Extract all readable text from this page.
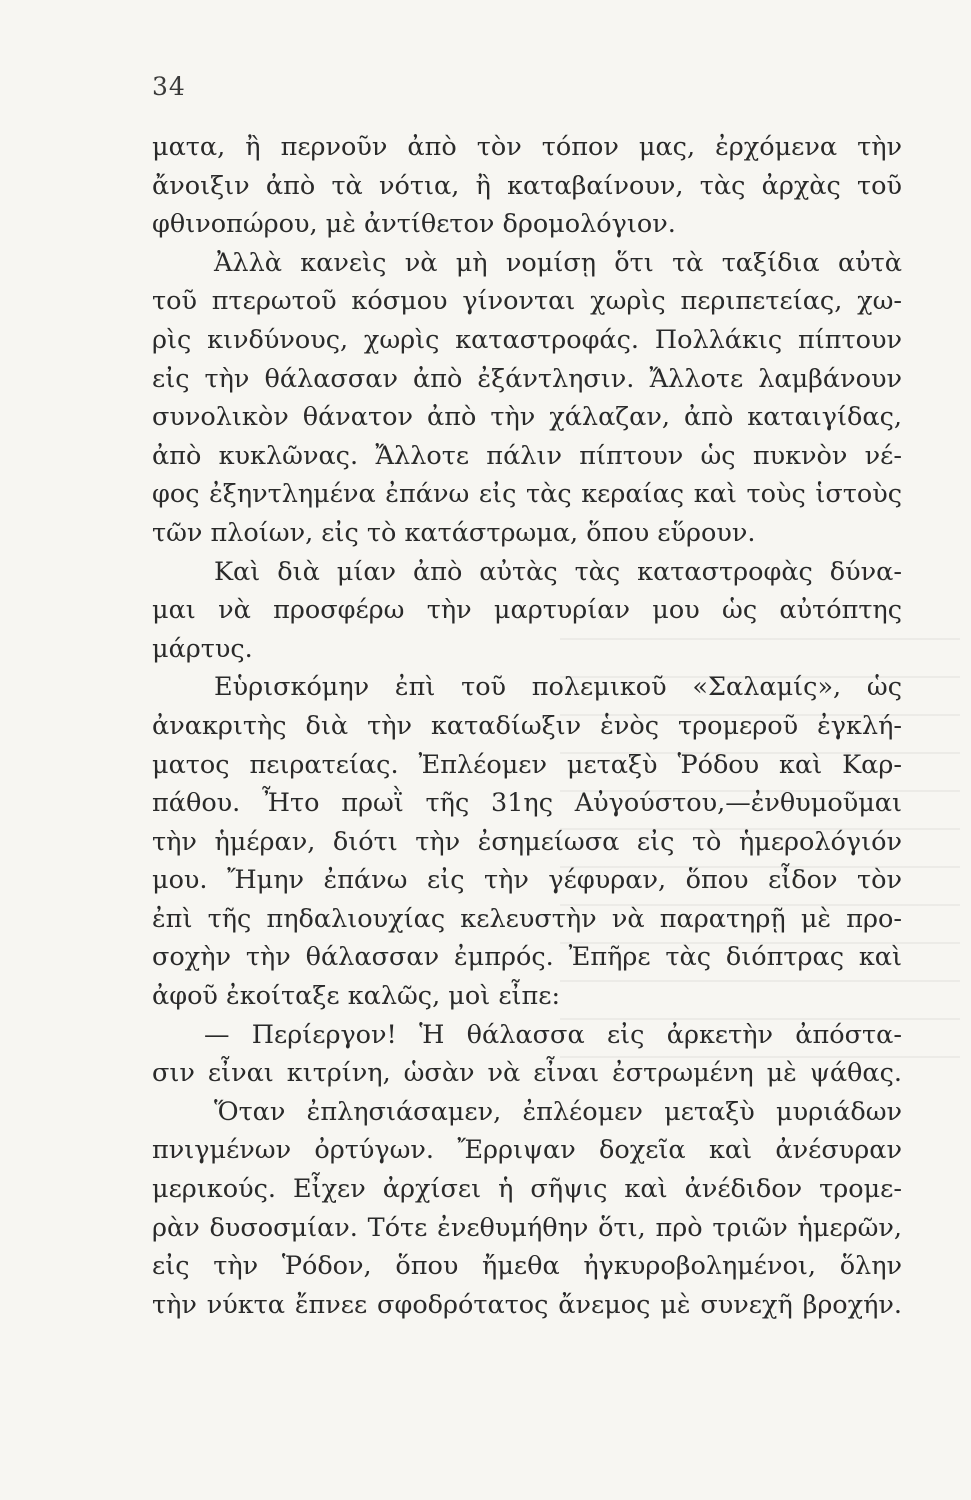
34
ματα, ἢ περνοῦν ἀπὸ τὸν τόπον μας, ἐρχόμενα τὴν
ἄνοιξιν ἀπὸ τὰ νότια, ἢ καταβαίνουν, τὰς ἀρχὰς τοῦ
φθινοπώρου, μὲ ἀντίθετον δρομολόγιον.
Ἀλλὰ κανεὶς νὰ μὴ νομίσῃ ὅτι τὰ ταξίδια αὐτὰ
τοῦ πτερωτοῦ κόσμου γίνονται χωρὶς περιπετείας, χω-
ρὶς κινδύνους, χωρὶς καταστροφάς. Πολλάκις πίπτουν
εἰς τὴν θάλασσαν ἀπὸ ἐξάντλησιν. Ἄλλοτε λαμβάνουν
συνολικὸν θάνατον ἀπὸ τὴν χάλαζαν, ἀπὸ καταιγίδας,
ἀπὸ κυκλῶνας. Ἄλλοτε πάλιν πίπτουν ὡς πυκνὸν νέ-
φος ἐξηντλημένα ἐπάνω εἰς τὰς κεραίας καὶ τοὺς ἱστοὺς
τῶν πλοίων, εἰς τὸ κατάστρωμα, ὅπου εὕρουν.
Καὶ διὰ μίαν ἀπὸ αὐτὰς τὰς καταστροφὰς δύνα-
μαι νὰ προσφέρω τὴν μαρτυρίαν μου ὡς αὐτόπτης
μάρτυς.
Εὑρισκόμην ἐπὶ τοῦ πολεμικοῦ «Σαλαμίς», ὡς
ἀνακριτὴς διὰ τὴν καταδίωξιν ἑνὸς τρομεροῦ ἐγκλή-
ματος πειρατείας. Ἐπλέομεν μεταξὺ Ῥόδου καὶ Καρ-
πάθου. Ἦτο πρωῒ τῆς 31ης Αὐγούστου,—ἐνθυμοῦμαι
τὴν ἡμέραν, διότι τὴν ἐσημείωσα εἰς τὸ ἡμερολόγιόν
μου. Ἤμην ἐπάνω εἰς τὴν γέφυραν, ὅπου εἶδον τὸν
ἐπὶ τῆς πηδαλιουχίας κελευστὴν νὰ παρατηρῇ μὲ προ-
σοχὴν τὴν θάλασσαν ἐμπρός. Ἐπῆρε τὰς διόπτρας καὶ
ἀφοῦ ἐκοίταξε καλῶς, μοὶ εἶπε:
— Περίεργον! Ἡ θάλασσα εἰς ἀρκετὴν ἀπόστα-
σιν εἶναι κιτρίνη, ὡσὰν νὰ εἶναι ἐστρωμένη μὲ ψάθας.
Ὅταν ἐπλησιάσαμεν, ἐπλέομεν μεταξὺ μυριάδων
πνιγμένων ὀρτύγων. Ἔρριψαν δοχεῖα καὶ ἀνέσυραν
μερικούς. Εἶχεν ἀρχίσει ἡ σῆψις καὶ ἀνέδιδον τρομε-
ρὰν δυσοσμίαν. Τότε ἐνεθυμήθην ὅτι, πρὸ τριῶν ἡμερῶν,
εἰς τὴν Ῥόδον, ὅπου ἤμεθα ἠγκυροβολημένοι, ὅλην
τὴν νύκτα ἔπνεε σφοδρότατος ἄνεμος μὲ συνεχῆ βροχήν.
